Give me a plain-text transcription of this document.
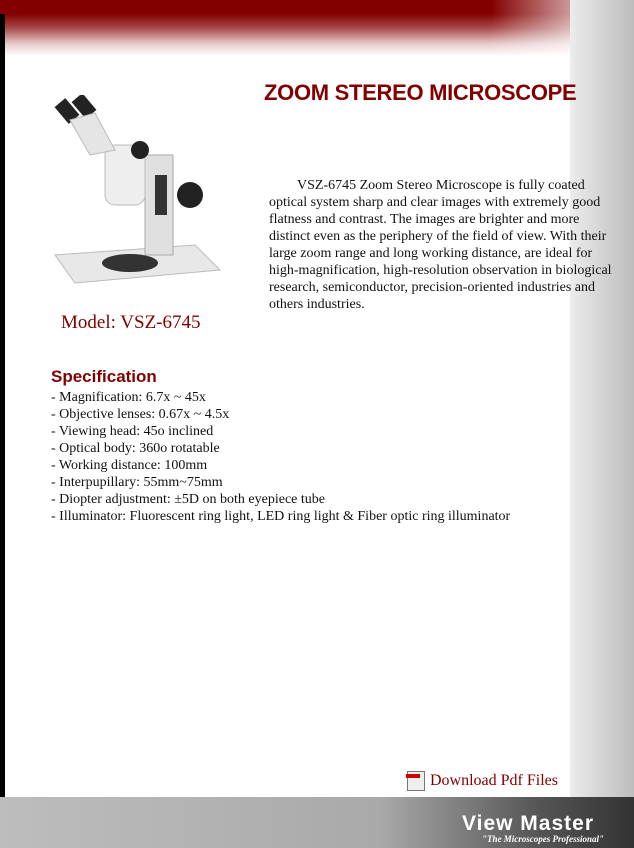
ZOOM STEREO MICROSCOPE
Model: VSZ-6745
VSZ-6745 Zoom Stereo Microscope is fully coated optical system sharp and clear images with extremely good flatness and contrast. The images are brighter and more distinct even as the periphery of the field of view. With their large zoom range and long working distance, are ideal for high-magnification, high-resolution observation in biological research, semiconductor, precision-oriented industries and others industries.
Specification
- Magnification: 6.7x ~ 45x
- Objective lenses: 0.67x ~ 4.5x
- Viewing head: 45o inclined
- Optical body: 360o rotatable
- Working distance: 100mm
- Interpupillary: 55mm~75mm
- Diopter adjustment: ±5D on both eyepiece tube
- Illuminator: Fluorescent ring light, LED ring light & Fiber optic ring illuminator
Download Pdf Files
View Master
"The Microscopes Professional"
